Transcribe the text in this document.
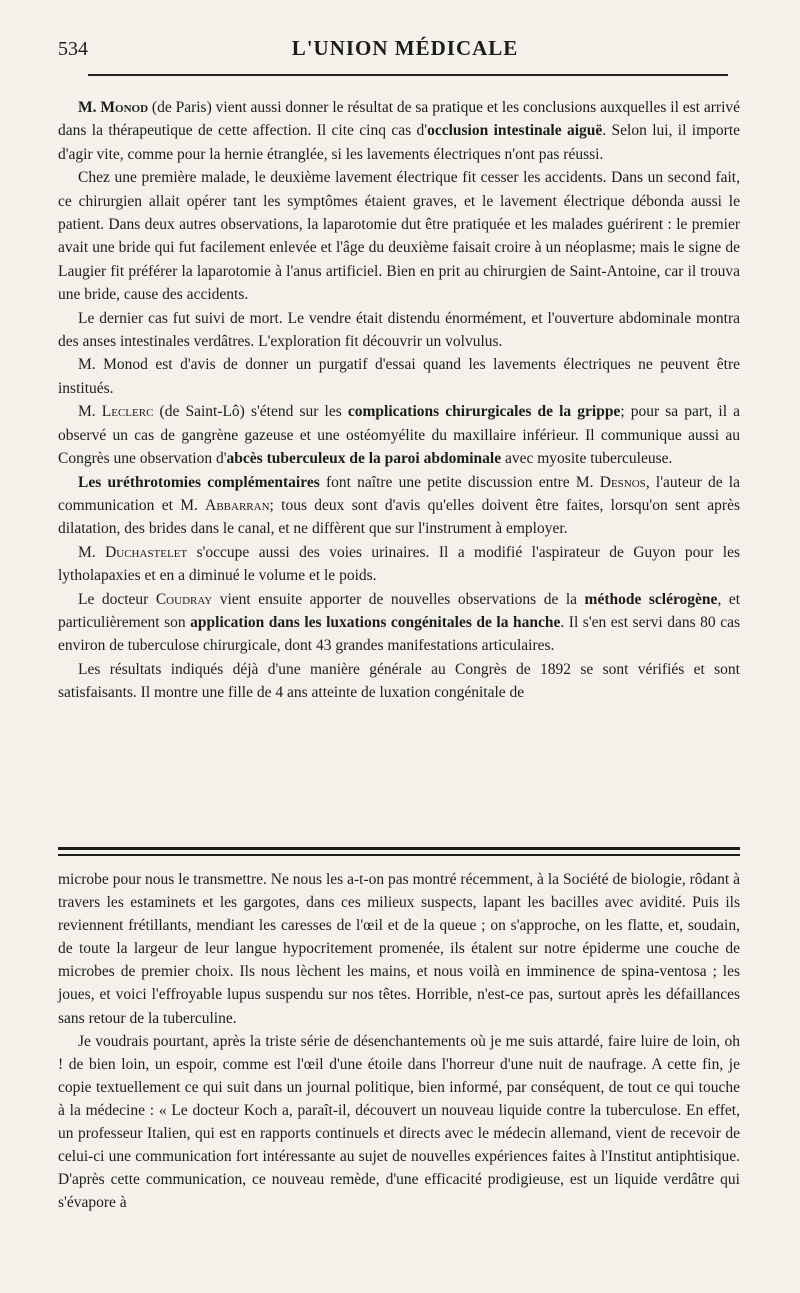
534	L'UNION MÉDICALE

M. Monod (de Paris) vient aussi donner le résultat de sa pratique et les conclusions auxquelles il est arrivé dans la thérapeutique de cette affection. Il cite cinq cas d'occlusion intestinale aiguë. Selon lui, il importe d'agir vite, comme pour la hernie étranglée, si les lavements électriques n'ont pas réussi.

Chez une première malade, le deuxième lavement électrique fit cesser les accidents. Dans un second fait, ce chirurgien allait opérer tant les symptômes étaient graves, et le lavement électrique débonda aussi le patient. Dans deux autres observations, la laparotomie dut être pratiquée et les malades guérirent : le premier avait une bride qui fut facilement enlevée et l'âge du deuxième faisait croire à un néoplasme; mais le signe de Laugier fit préférer la laparotomie à l'anus artificiel. Bien en prit au chirurgien de Saint-Antoine, car il trouva une bride, cause des accidents.

Le dernier cas fut suivi de mort. Le vendre était distendu énormément, et l'ouverture abdominale montra des anses intestinales verdâtres. L'exploration fit découvrir un volvulus.

M. Monod est d'avis de donner un purgatif d'essai quand les lavements électriques ne peuvent être institués.

M. Leclerc (de Saint-Lô) s'étend sur les complications chirurgicales de la grippe; pour sa part, il a observé un cas de gangrène gazeuse et une ostéomyélite du maxillaire inférieur. Il communique aussi au Congrès une observation d'abcès tuberculeux de la paroi abdominale avec myosite tuberculeuse.

Les uréthrotomies complémentaires font naître une petite discussion entre M. Desnos, l'auteur de la communication et M. Abbarran; tous deux sont d'avis qu'elles doivent être faites, lorsqu'on sent après dilatation, des brides dans le canal, et ne diffèrent que sur l'instrument à employer.

M. Duchastelet s'occupe aussi des voies urinaires. Il a modifié l'aspirateur de Guyon pour les lytholapaxies et en a diminué le volume et le poids.

Le docteur Coudray vient ensuite apporter de nouvelles observations de la méthode sclérogène, et particulièrement son application dans les luxations congénitales de la hanche. Il s'en est servi dans 80 cas environ de tuberculose chirurgicale, dont 43 grandes manifestations articulaires.

Les résultats indiqués déjà d'une manière générale au Congrès de 1892 se sont vérifiés et sont satisfaisants. Il montre une fille de 4 ans atteinte de luxation congénitale de

microbe pour nous le transmettre. Ne nous les a-t-on pas montré récemment, à la Société de biologie, rôdant à travers les estaminets et les gargotes, dans ces milieux suspects, lapant les bacilles avec avidité. Puis ils reviennent frétillants, mendiant les caresses de l'œil et de la queue ; on s'approche, on les flatte, et, soudain, de toute la largeur de leur langue hypocritement promenée, ils étalent sur notre épiderme une couche de microbes de premier choix. Ils nous lèchent les mains, et nous voilà en imminence de spina-ventosa ; les joues, et voici l'effroyable lupus suspendu sur nos têtes. Horrible, n'est-ce pas, surtout après les défaillances sans retour de la tuberculine.

Je voudrais pourtant, après la triste série de désenchantements où je me suis attardé, faire luire de loin, oh ! de bien loin, un espoir, comme est l'œil d'une étoile dans l'horreur d'une nuit de naufrage. A cette fin, je copie textuellement ce qui suit dans un journal politique, bien informé, par conséquent, de tout ce qui touche à la médecine : « Le docteur Koch a, paraît-il, découvert un nouveau liquide contre la tuberculose. En effet, un professeur Italien, qui est en rapports continuels et directs avec le médecin allemand, vient de recevoir de celui-ci une communication fort intéressante au sujet de nouvelles expériences faites à l'Institut antiphtisique. D'après cette communication, ce nouveau remède, d'une efficacité prodigieuse, est un liquide verdâtre qui s'évapore à
